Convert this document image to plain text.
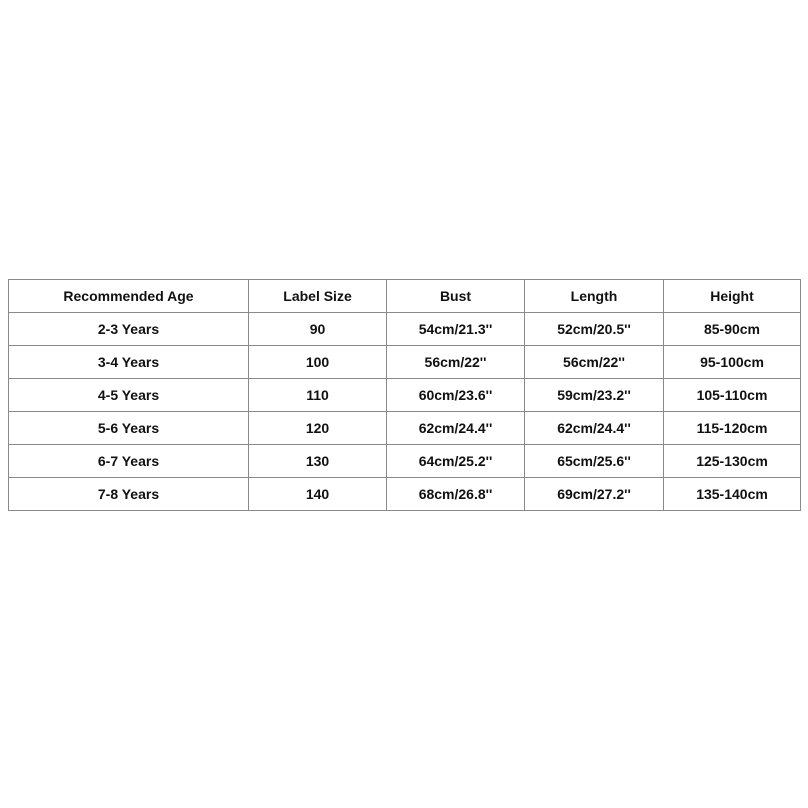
Recommended Age	Label Size	Bust	Length	Height
2-3 Years	90	54cm/21.3''	52cm/20.5''	85-90cm
3-4 Years	100	56cm/22''	56cm/22''	95-100cm
4-5 Years	110	60cm/23.6''	59cm/23.2''	105-110cm
5-6 Years	120	62cm/24.4''	62cm/24.4''	115-120cm
6-7 Years	130	64cm/25.2''	65cm/25.6''	125-130cm
7-8 Years	140	68cm/26.8''	69cm/27.2''	135-140cm
